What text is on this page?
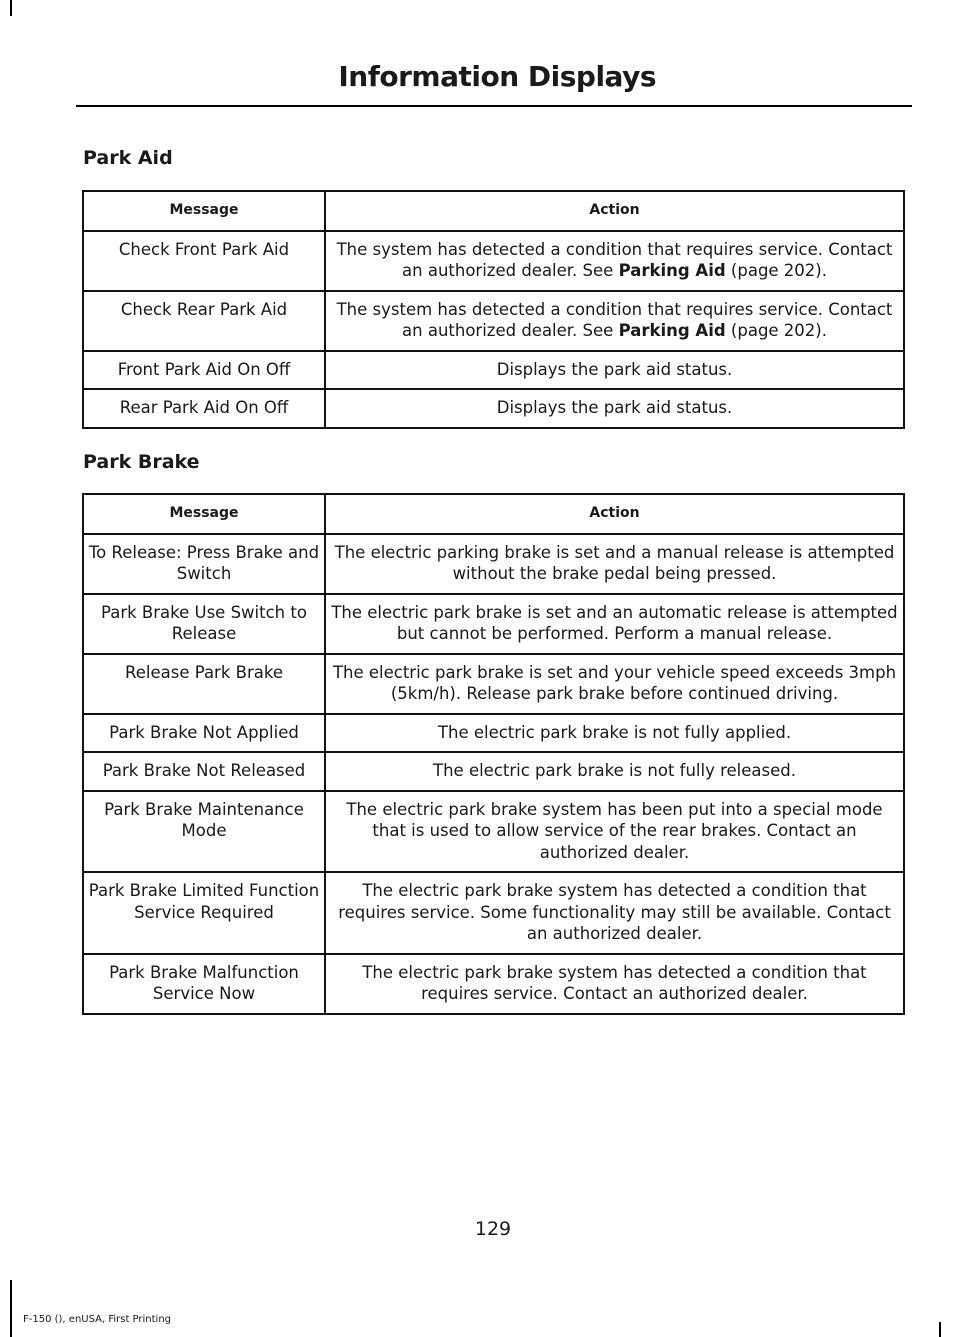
Information Displays
Park Aid
Message	Action
Check Front Park Aid	The system has detected a condition that requires service. Contact an authorized dealer. See Parking Aid (page 202).
Check Rear Park Aid	The system has detected a condition that requires service. Contact an authorized dealer. See Parking Aid (page 202).
Front Park Aid On Off	Displays the park aid status.
Rear Park Aid On Off	Displays the park aid status.
Park Brake
Message	Action
To Release: Press Brake and Switch	The electric parking brake is set and a manual release is attempted without the brake pedal being pressed.
Park Brake Use Switch to Release	The electric park brake is set and an automatic release is attempted but cannot be performed. Perform a manual release.
Release Park Brake	The electric park brake is set and your vehicle speed exceeds 3mph (5km/h). Release park brake before continued driving.
Park Brake Not Applied	The electric park brake is not fully applied.
Park Brake Not Released	The electric park brake is not fully released.
Park Brake Maintenance Mode	The electric park brake system has been put into a special mode that is used to allow service of the rear brakes. Contact an authorized dealer.
Park Brake Limited Function Service Required	The electric park brake system has detected a condition that requires service. Some functionality may still be available. Contact an authorized dealer.
Park Brake Malfunction Service Now	The electric park brake system has detected a condition that requires service. Contact an authorized dealer.
129
F-150 (), enUSA, First Printing
